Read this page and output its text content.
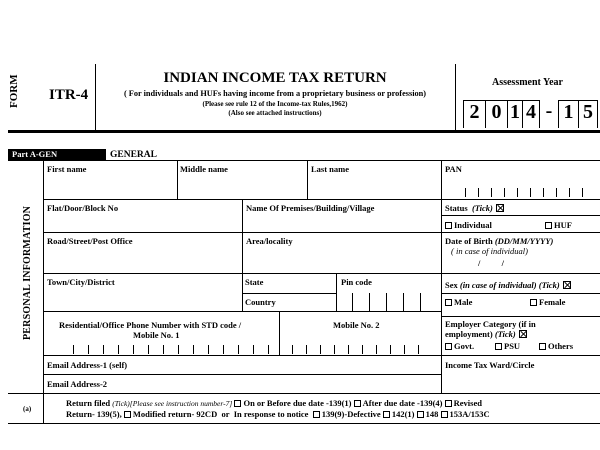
FORM ITR-4
INDIAN INCOME TAX RETURN
( For individuals and HUFs having income from a proprietary business or profession)
(Please see rule 12 of the Income-tax Rules,1962)
(Also see attached instructions)
Assessment Year
2 0 1 4 - 1 5
Part A-GEN	GENERAL
PERSONAL INFORMATION
First name	Middle name	Last name	PAN
Flat/Door/Block No	Name Of Premises/Building/Village	Status (Tick)
Individual	HUF
Road/Street/Post Office	Area/locality	Date of Birth (DD/MM/YYYY)
( in case of individual)
/          /
Town/City/District	State	Pin code
Country
Sex (in case of individual) (Tick)
Male	Female
Residential/Office Phone Number with STD code /
Mobile No. 1
Mobile No. 2	Employer Category (if in
employment) (Tick)
Govt.	PSU	Others
Email Address-1 (self)	Income Tax Ward/Circle
Email Address-2
(a)
Return filed (Tick)[Please see instruction number-7] On or Before due date -139(1) After due date -139(4) Revised
Return- 139(5), Modified return- 92CD or In response to notice 139(9)-Defective 142(1) 148 153A/153C
